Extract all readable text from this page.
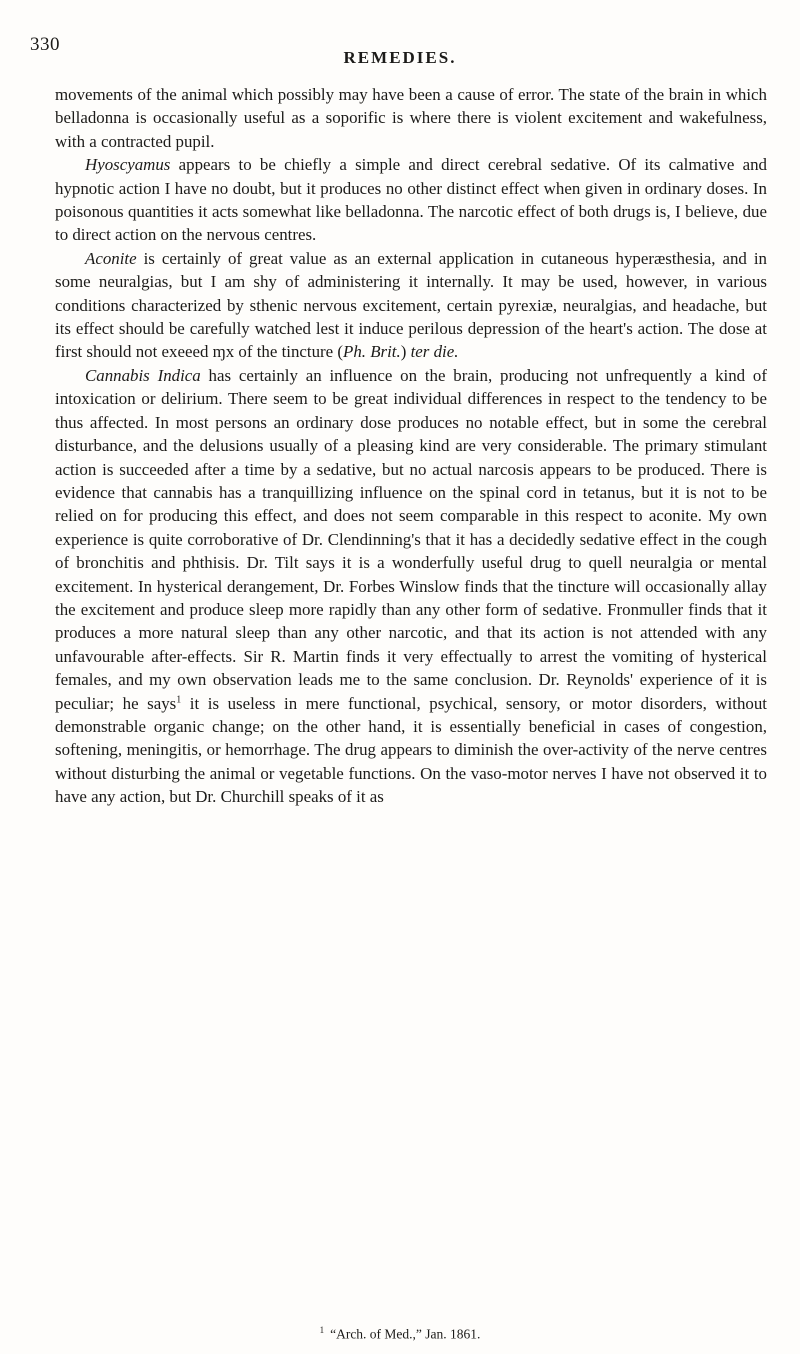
330
REMEDIES.

movements of the animal which possibly may have been a cause of error. The state of the brain in which belladonna is occasionally useful as a soporific is where there is violent excitement and wakefulness, with a contracted pupil.

Hyoscyamus appears to be chiefly a simple and direct cerebral sedative. Of its calmative and hypnotic action I have no doubt, but it produces no other distinct effect when given in ordinary doses. In poisonous quantities it acts somewhat like belladonna. The narcotic effect of both drugs is, I believe, due to direct action on the nervous centres.

Aconite is certainly of great value as an external application in cutaneous hyperæsthesia, and in some neuralgias, but I am shy of administering it internally. It may be used, however, in various conditions characterized by sthenic nervous excitement, certain pyrexiæ, neuralgias, and headache, but its effect should be carefully watched lest it induce perilous depression of the heart's action. The dose at first should not exeeed ɱx of the tincture (Ph. Brit.) ter die.

Cannabis Indica has certainly an influence on the brain, producing not unfrequently a kind of intoxication or delirium. There seem to be great individual differences in respect to the tendency to be thus affected. In most persons an ordinary dose produces no notable effect, but in some the cerebral disturbance, and the delusions usually of a pleasing kind are very considerable. The primary stimulant action is succeeded after a time by a sedative, but no actual narcosis appears to be produced. There is evidence that cannabis has a tranquillizing influence on the spinal cord in tetanus, but it is not to be relied on for producing this effect, and does not seem comparable in this respect to aconite. My own experience is quite corroborative of Dr. Clendinning's that it has a decidedly sedative effect in the cough of bronchitis and phthisis. Dr. Tilt says it is a wonderfully useful drug to quell neuralgia or mental excitement. In hysterical derangement, Dr. Forbes Winslow finds that the tincture will occasionally allay the excitement and produce sleep more rapidly than any other form of sedative. Fronmuller finds that it produces a more natural sleep than any other narcotic, and that its action is not attended with any unfavourable after-effects. Sir R. Martin finds it very effectually to arrest the vomiting of hysterical females, and my own observation leads me to the same conclusion. Dr. Reynolds' experience of it is peculiar; he says$^1$ it is useless in mere functional, psychical, sensory, or motor disorders, without demonstrable organic change; on the other hand, it is essentially beneficial in cases of congestion, softening, meningitis, or hemorrhage. The drug appears to diminish the over-activity of the nerve centres without disturbing the animal or vegetable functions. On the vaso-motor nerves I have not observed it to have any action, but Dr. Churchill speaks of it as

$^1$ “Arch. of Med.,” Jan. 1861.
